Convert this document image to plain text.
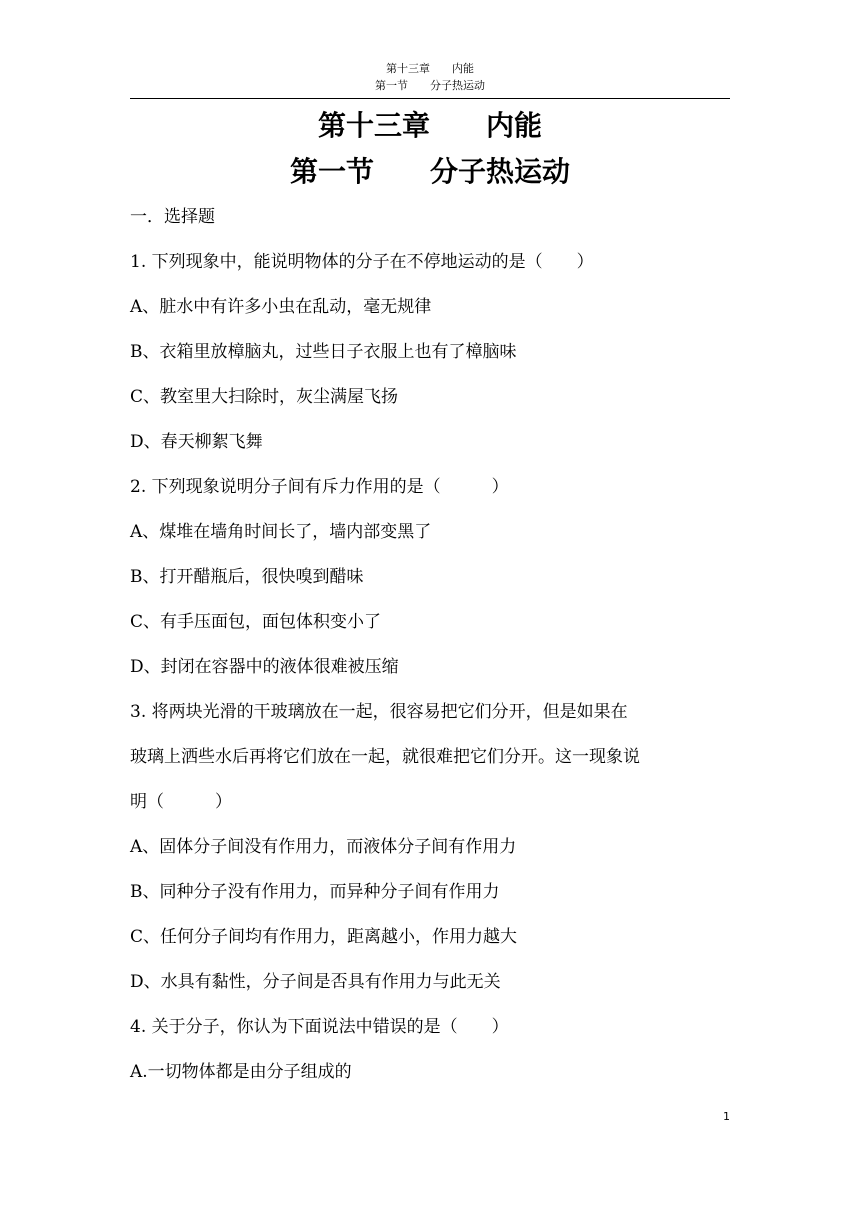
第十三章　　内能
第一节　　分子热运动
第十三章　　内能
第一节　　分子热运动
一．选择题
1. 下列现象中，能说明物体的分子在不停地运动的是（　　）
A、脏水中有许多小虫在乱动，毫无规律
B、衣箱里放樟脑丸，过些日子衣服上也有了樟脑味
C、教室里大扫除时，灰尘满屋飞扬
D、春天柳絮飞舞
2. 下列现象说明分子间有斥力作用的是（　　　）
A、煤堆在墙角时间长了，墙内部变黑了
B、打开醋瓶后，很快嗅到醋味
C、有手压面包，面包体积变小了
D、封闭在容器中的液体很难被压缩
3. 将两块光滑的干玻璃放在一起，很容易把它们分开，但是如果在
玻璃上洒些水后再将它们放在一起，就很难把它们分开。这一现象说
明（　　　）
A、固体分子间没有作用力，而液体分子间有作用力
B、同种分子没有作用力，而异种分子间有作用力
C、任何分子间均有作用力，距离越小，作用力越大
D、水具有黏性，分子间是否具有作用力与此无关
4. 关于分子，你认为下面说法中错误的是（　　）
A.一切物体都是由分子组成的
1
